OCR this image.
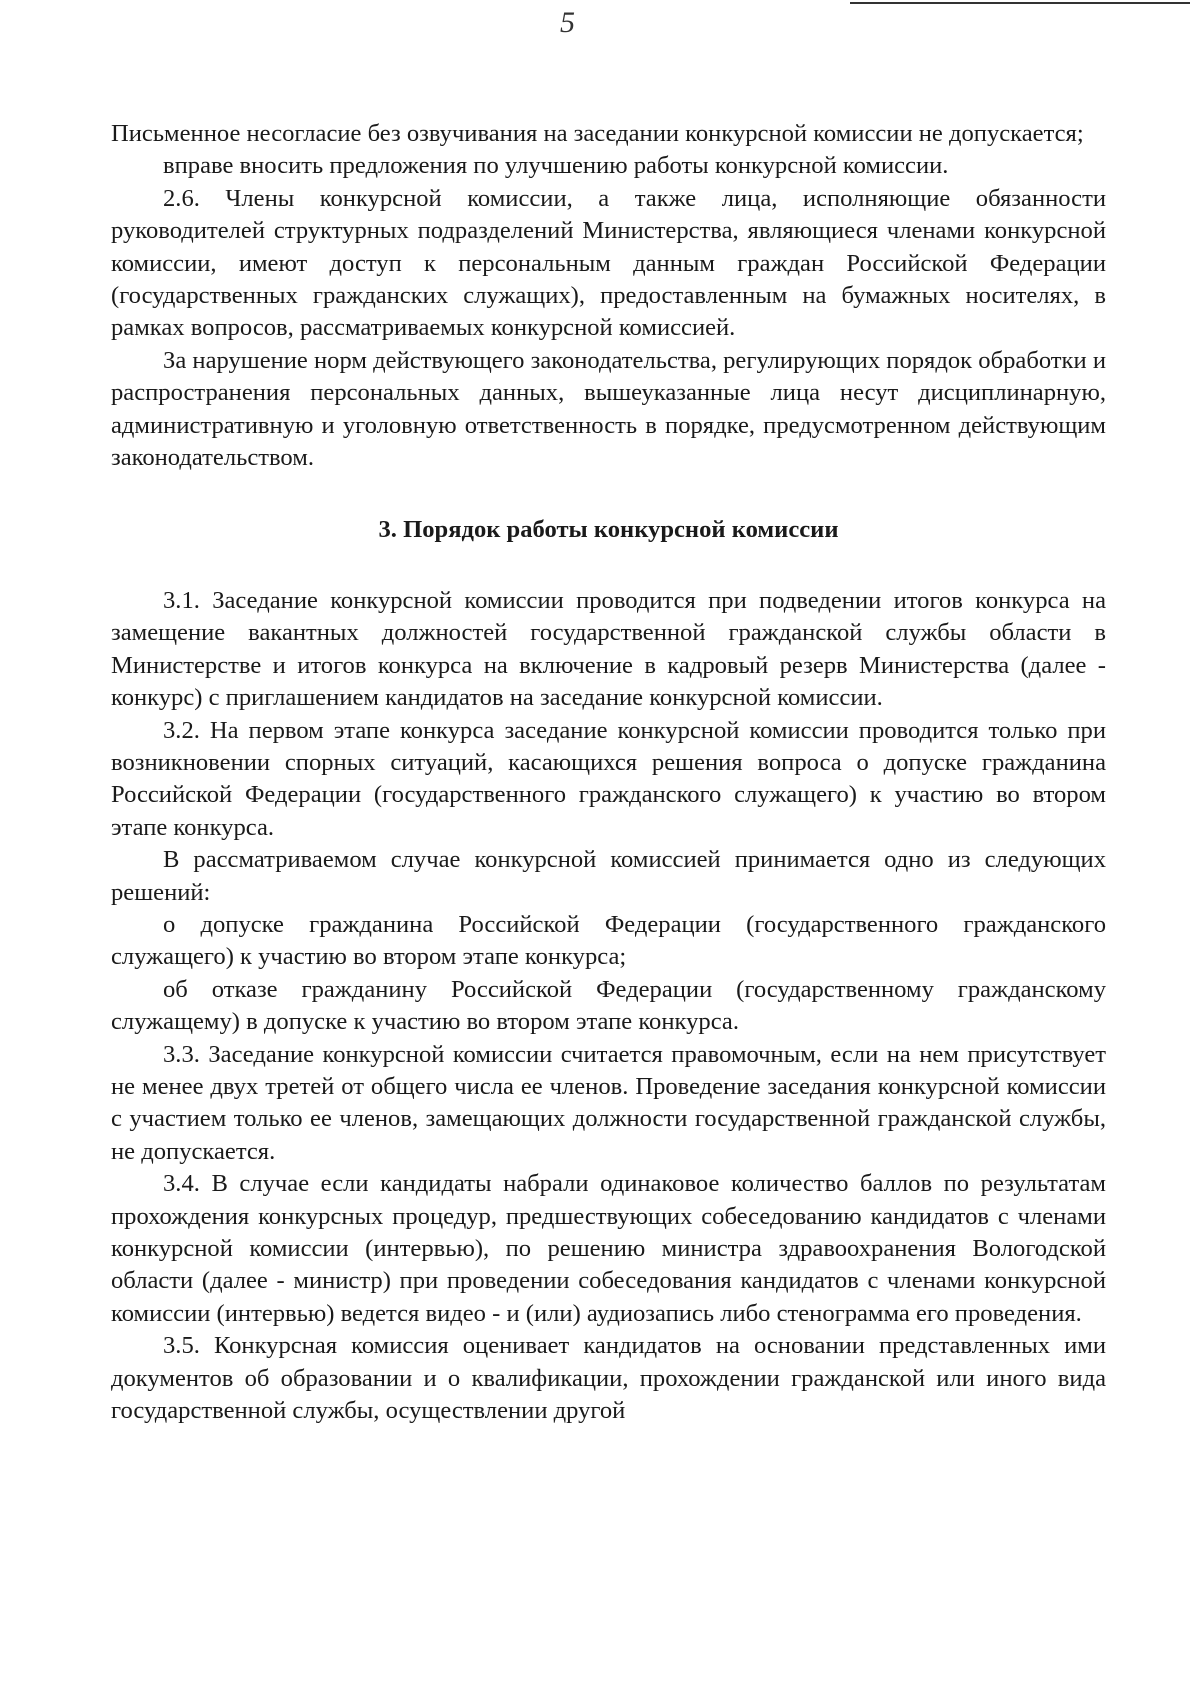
5

Письменное несогласие без озвучивания на заседании конкурсной комиссии не допускается;

вправе вносить предложения по улучшению работы конкурсной комиссии.

2.6. Члены конкурсной комиссии, а также лица, исполняющие обязанности руководителей структурных подразделений Министерства, являющиеся членами конкурсной комиссии, имеют доступ к персональным данным граждан Российской Федерации (государственных гражданских служащих), предоставленным на бумажных носителях, в рамках вопросов, рассматриваемых конкурсной комиссией.

За нарушение норм действующего законодательства, регулирующих порядок обработки и распространения персональных данных, вышеуказанные лица несут дисциплинарную, административную и уголовную ответственность в порядке, предусмотренном действующим законодательством.

3. Порядок работы конкурсной комиссии

3.1. Заседание конкурсной комиссии проводится при подведении итогов конкурса на замещение вакантных должностей государственной гражданской службы области в Министерстве и итогов конкурса на включение в кадровый резерв Министерства (далее - конкурс) с приглашением кандидатов на заседание конкурсной комиссии.

3.2. На первом этапе конкурса заседание конкурсной комиссии проводится только при возникновении спорных ситуаций, касающихся решения вопроса о допуске гражданина Российской Федерации (государственного гражданского служащего) к участию во втором этапе конкурса.

В рассматриваемом случае конкурсной комиссией принимается одно из следующих решений:

о допуске гражданина Российской Федерации (государственного гражданского служащего) к участию во втором этапе конкурса;

об отказе гражданину Российской Федерации (государственному гражданскому служащему) в допуске к участию во втором этапе конкурса.

3.3. Заседание конкурсной комиссии считается правомочным, если на нем присутствует не менее двух третей от общего числа ее членов. Проведение заседания конкурсной комиссии с участием только ее членов, замещающих должности государственной гражданской службы, не допускается.

3.4. В случае если кандидаты набрали одинаковое количество баллов по результатам прохождения конкурсных процедур, предшествующих собеседованию кандидатов с членами конкурсной комиссии (интервью), по решению министра здравоохранения Вологодской области (далее - министр) при проведении собеседования кандидатов с членами конкурсной комиссии (интервью) ведется видео - и (или) аудиозапись либо стенограмма его проведения.

3.5. Конкурсная комиссия оценивает кандидатов на основании представленных ими документов об образовании и о квалификации, прохождении гражданской или иного вида государственной службы, осуществлении другой
